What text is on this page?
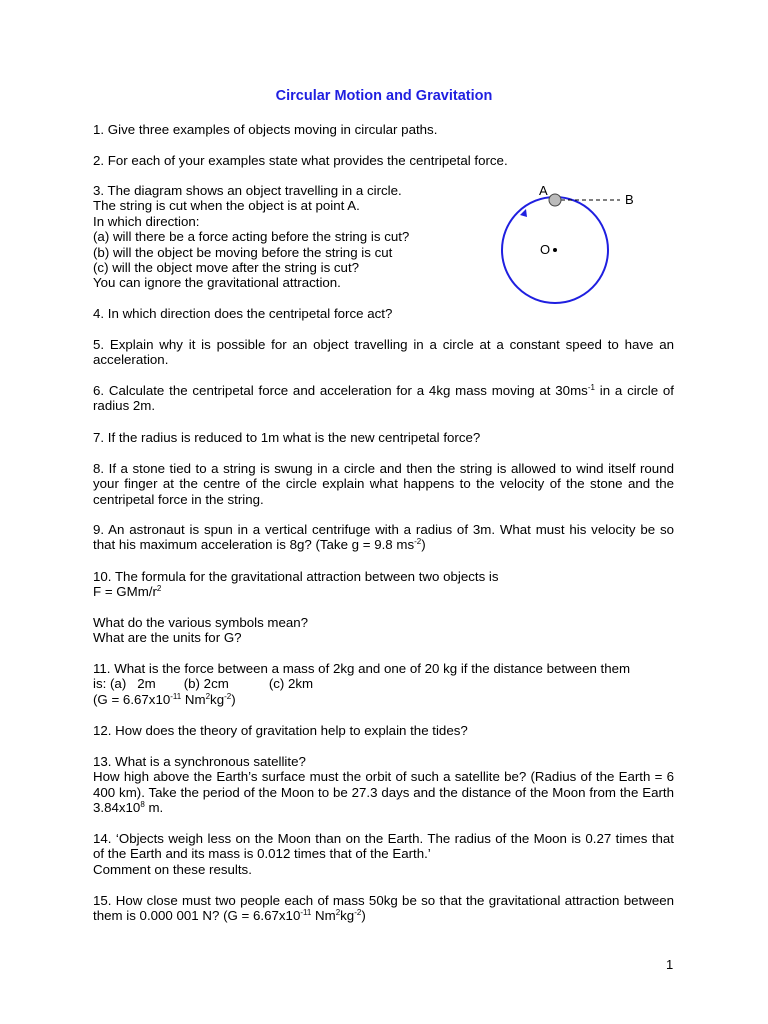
Circular Motion and Gravitation
1. Give three examples of objects moving in circular paths.
2. For each of your examples state what provides the centripetal force.
3. The diagram shows an object travelling in a circle.
The string is cut when the object is at point A.
In which direction:
(a) will there be a force acting before the string is cut?
(b) will the object be moving before the string is cut
(c) will the object move after the string is cut?
You can ignore the gravitational attraction.
A
B
O
4. In which direction does the centripetal force act?
5. Explain why it is possible for an object travelling in a circle at a constant speed to have an acceleration.
6. Calculate the centripetal force and acceleration for a 4kg mass moving at $30ms^{-1}$ in a circle of radius 2m.
7. If the radius is reduced to 1m what is the new centripetal force?
8. If a stone tied to a string is swung in a circle and then the string is allowed to wind itself round your finger at the centre of the circle explain what happens to the velocity of the stone and the centripetal force in the string.
9. An astronaut is spun in a vertical centrifuge with a radius of 3m. What must his velocity be so that his maximum acceleration is 8g? (Take g = 9.8 $ms^{-2}$)
10. The formula for the gravitational attraction between two objects is
F = GMm/$r^2$
What do the various symbols mean?
What are the units for G?
11. What is the force between a mass of 2kg and one of 20 kg if the distance between them
is: (a) 2m (b) 2cm	(c) 2km
($G = 6.67x10^{-11}$ $Nm^2kg^{-2}$)
12. How does the theory of gravitation help to explain the tides?
13. What is a synchronous satellite?
How high above the Earth’s surface must the orbit of such a satellite be? (Radius of the Earth = 6 400 km). Take the period of the Moon to be 27.3 days and the distance of the Moon from the Earth $3.84x10^8$ m.
14. ‘Objects weigh less on the Moon than on the Earth. The radius of the Moon is 0.27 times that of the Earth and its mass is 0.012 times that of the Earth.’
Comment on these results.
15. How close must two people each of mass 50kg be so that the gravitational attraction between them is 0.000 001 N? ($G = 6.67x10^{-11}$ $Nm^2kg^{-2}$)
1
